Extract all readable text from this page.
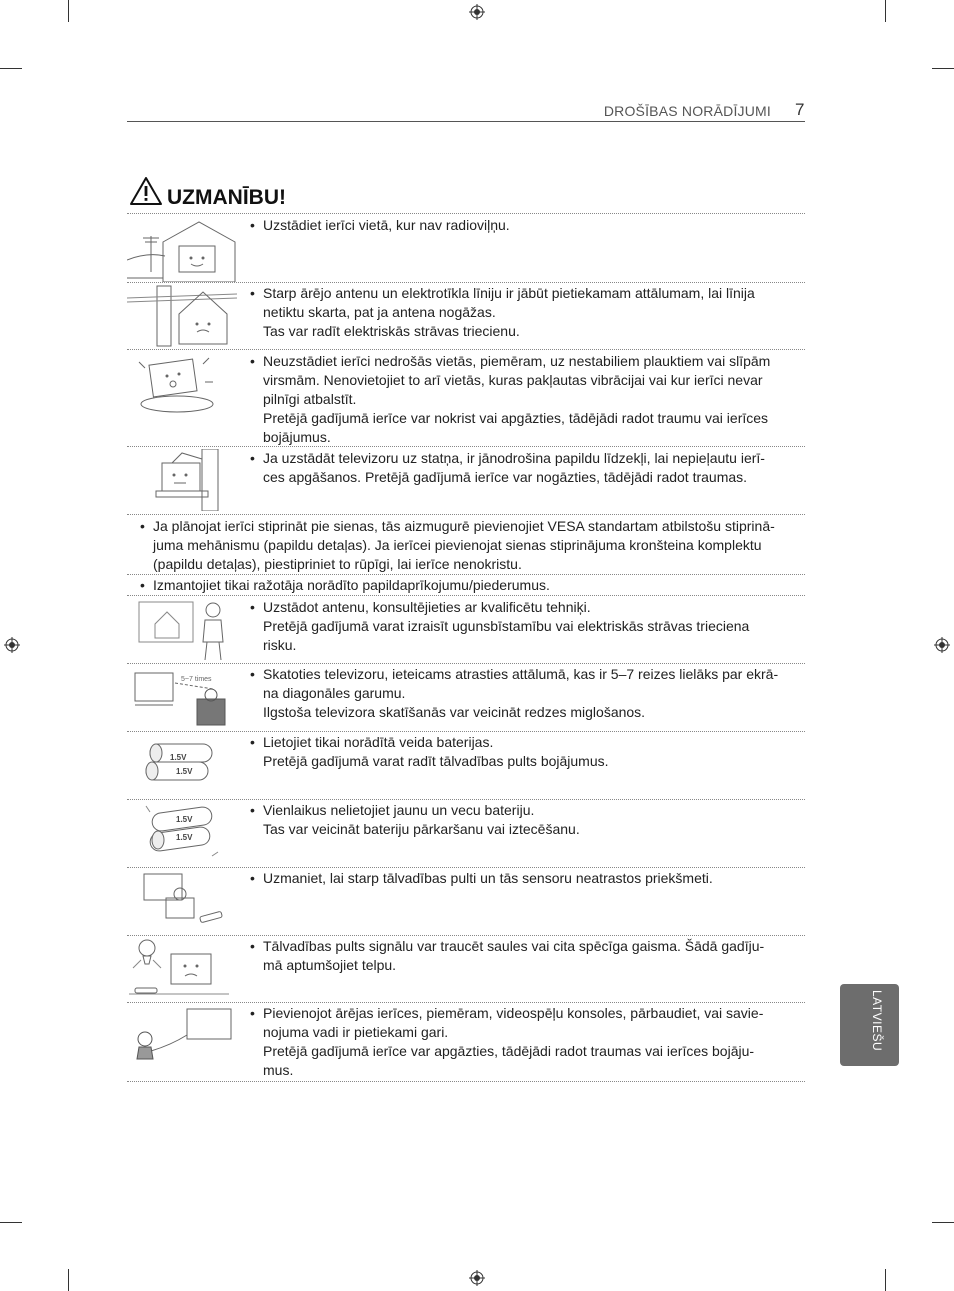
DROŠĪBAS NORĀDĪJUMI 7
UZMANĪBU!
5~7 times
1.5V
1.5V
1.5V
1.5V
• Uzstādiet ierīci vietā, kur nav radioviļņu.
• Starp ārējo antenu un elektrotīkla līniju ir jābūt pietiekamam attālumam, lai līnija
netiktu skarta, pat ja antena nogāžas.
Tas var radīt elektriskās strāvas triecienu.
• Neuzstādiet ierīci nedrošās vietās, piemēram, uz nestabiliem plauktiem vai slīpām
virsmām. Nenovietojiet to arī vietās, kuras pakļautas vibrācijai vai kur ierīci nevar
pilnīgi atbalstīt.
Pretējā gadījumā ierīce var nokrist vai apgāzties, tādējādi radot traumu vai ierīces
bojājumus.
• Ja uzstādāt televizoru uz statņa, ir jānodrošina papildu līdzekļi, lai nepieļautu ierī-
ces apgāšanos. Pretējā gadījumā ierīce var nogāzties, tādējādi radot traumas.
• Ja plānojat ierīci stiprināt pie sienas, tās aizmugurē pievienojiet VESA standartam atbilstošu stiprinā-
juma mehānismu (papildu detaļas). Ja ierīcei pievienojat sienas stiprinājuma kronšteina komplektu
(papildu detaļas), piestipriniet to rūpīgi, lai ierīce nenokristu.
• Izmantojiet tikai ražotāja norādīto papildaprīkojumu/piederumus.
• Uzstādot antenu, konsultējieties ar kvalificētu tehniķi.
Pretējā gadījumā varat izraisīt ugunsbīstamību vai elektriskās strāvas trieciena
risku.
• Skatoties televizoru, ieteicams atrasties attālumā, kas ir 5–7 reizes lielāks par ekrā-
na diagonāles garumu.
Ilgstoša televizora skatīšanās var veicināt redzes miglošanos.
• Lietojiet tikai norādītā veida baterijas.
Pretējā gadījumā varat radīt tālvadības pults bojājumus.
• Vienlaikus nelietojiet jaunu un vecu bateriju.
Tas var veicināt bateriju pārkaršanu vai iztecēšanu.
• Uzmaniet, lai starp tālvadības pulti un tās sensoru neatrastos priekšmeti.
• Tālvadības pults signālu var traucēt saules vai cita spēcīga gaisma. Šādā gadīju-
mā aptumšojiet telpu.
• Pievienojot ārējas ierīces, piemēram, videospēļu konsoles, pārbaudiet, vai savie-
nojuma vadi ir pietiekami gari.
Pretējā gadījumā ierīce var apgāzties, tādējādi radot traumas vai ierīces bojāju-
mus.
LATVIEŠU
